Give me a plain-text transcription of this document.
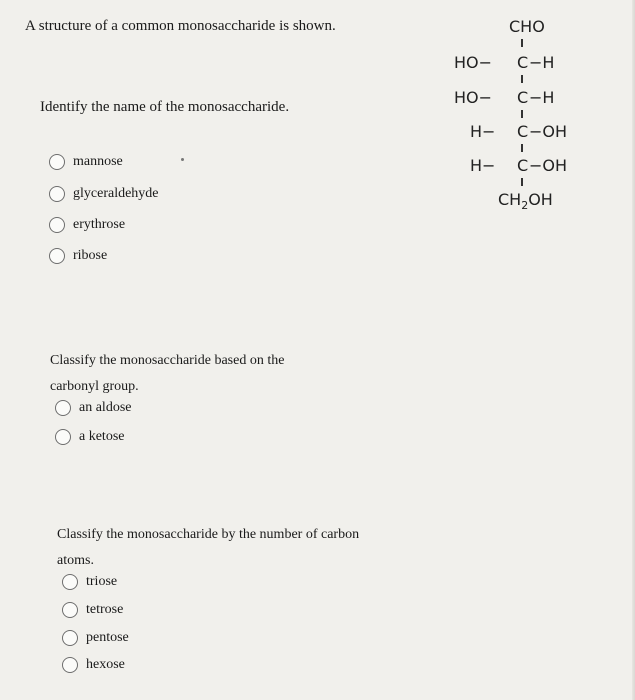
A structure of a common monosaccharide is shown.	CHO
HO− C −H
HO− C −H
H− C −OH
H− C −OH
$CH_2OH$
Identify the name of the monosaccharide.
mannose
glyceraldehyde
erythrose
ribose
Classify the monosaccharide based on the
carbonyl group.
an aldose
a ketose
Classify the monosaccharide by the number of carbon
atoms.
triose
tetrose
pentose
hexose
